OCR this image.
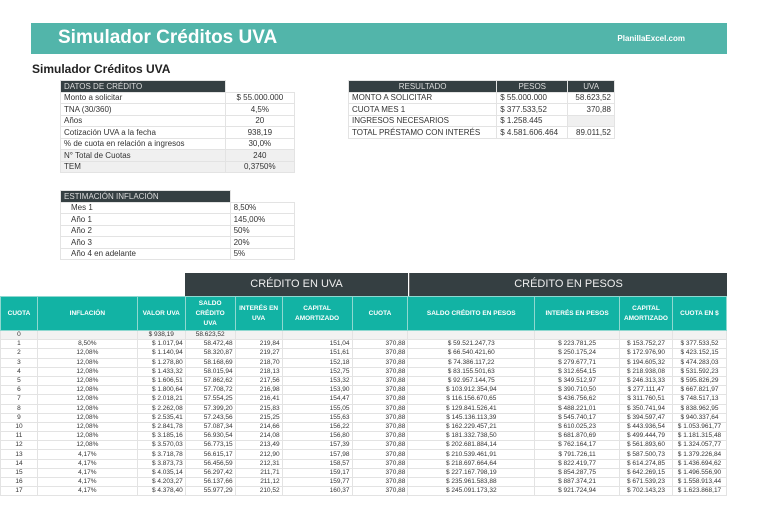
Simulador Créditos UVA	PlanillaExcel.com
Simulador Créditos UVA
DATOS DE CRÉDITO	
Monto a solicitar	$ 55.000.000
TNA (30/360)	4,5%
Años	20
Cotización UVA a la fecha	938,19
% de cuota en relación a ingresos	30,0%
N° Total de Cuotas	240
TEM	0,3750%
RESULTADO	PESOS	UVA
MONTO A SOLICITAR	$ 55.000.000	58.623,52
CUOTA MES 1	$ 377.533,52	370,88
INGRESOS NECESARIOS	$ 1.258.445	
TOTAL PRÉSTAMO CON INTERÉS	$ 4.581.606.464	89.011,52
ESTIMACIÓN INFLACIÓN	
Mes 1	8,50%
Año 1	145,00%
Año 2	50%
Año 3	20%
Año 4 en adelante	5%
CRÉDITO EN UVA	CRÉDITO EN PESOS
CUOTA	INFLACIÓN	VALOR UVA	SALDO CRÉDITO UVA	INTERÉS EN UVA	CAPITAL AMORTIZADO	CUOTA	SALDO CRÉDITO EN PESOS	INTERÉS EN PESOS	CAPITAL AMORTIZADO	CUOTA EN $
0		$ 938,19	58.623,52							
1	8,50%	$ 1.017,94	58.472,48	219,84	151,04	370,88	$ 59.521.247,73	$ 223.781,25	$ 153.752,27	$ 377.533,52
2	12,08%	$ 1.140,94	58.320,87	219,27	151,61	370,88	$ 66.540.421,60	$ 250.175,24	$ 172.976,90	$ 423.152,15
3	12,08%	$ 1.278,80	58.168,69	218,70	152,18	370,88	$ 74.386.117,22	$ 279.677,71	$ 194.605,32	$ 474.283,03
4	12,08%	$ 1.433,32	58.015,94	218,13	152,75	370,88	$ 83.155.501,63	$ 312.654,15	$ 218.938,08	$ 531.592,23
5	12,08%	$ 1.606,51	57.862,62	217,56	153,32	370,88	$ 92.957.144,75	$ 349.512,97	$ 246.313,33	$ 595.826,29
6	12,08%	$ 1.800,64	57.708,72	216,98	153,90	370,88	$ 103.912.354,94	$ 390.710,50	$ 277.111,47	$ 667.821,97
7	12,08%	$ 2.018,21	57.554,25	216,41	154,47	370,88	$ 116.156.670,65	$ 436.756,62	$ 311.760,51	$ 748.517,13
8	12,08%	$ 2.262,08	57.399,20	215,83	155,05	370,88	$ 129.841.526,41	$ 488.221,01	$ 350.741,94	$ 838.962,95
9	12,08%	$ 2.535,41	57.243,56	215,25	155,63	370,88	$ 145.136.113,39	$ 545.740,17	$ 394.597,47	$ 940.337,64
10	12,08%	$ 2.841,78	57.087,34	214,66	156,22	370,88	$ 162.229.457,21	$ 610.025,23	$ 443.936,54	$ 1.053.961,77
11	12,08%	$ 3.185,16	56.930,54	214,08	156,80	370,88	$ 181.332.738,50	$ 681.870,69	$ 499.444,79	$ 1.181.315,48
12	12,08%	$ 3.570,03	56.773,15	213,49	157,39	370,88	$ 202.681.884,14	$ 762.164,17	$ 561.893,60	$ 1.324.057,77
13	4,17%	$ 3.718,78	56.615,17	212,90	157,98	370,88	$ 210.539.461,91	$ 791.726,11	$ 587.500,73	$ 1.379.226,84
14	4,17%	$ 3.873,73	56.456,59	212,31	158,57	370,88	$ 218.697.664,64	$ 822.419,77	$ 614.274,85	$ 1.436.694,62
15	4,17%	$ 4.035,14	56.297,42	211,71	159,17	370,88	$ 227.167.798,19	$ 854.287,75	$ 642.269,15	$ 1.496.556,90
16	4,17%	$ 4.203,27	56.137,66	211,12	159,77	370,88	$ 235.961.583,88	$ 887.374,21	$ 671.539,23	$ 1.558.913,44
17	4,17%	$ 4.378,40	55.977,29	210,52	160,37	370,88	$ 245.091.173,32	$ 921.724,94	$ 702.143,23	$ 1.623.868,17
